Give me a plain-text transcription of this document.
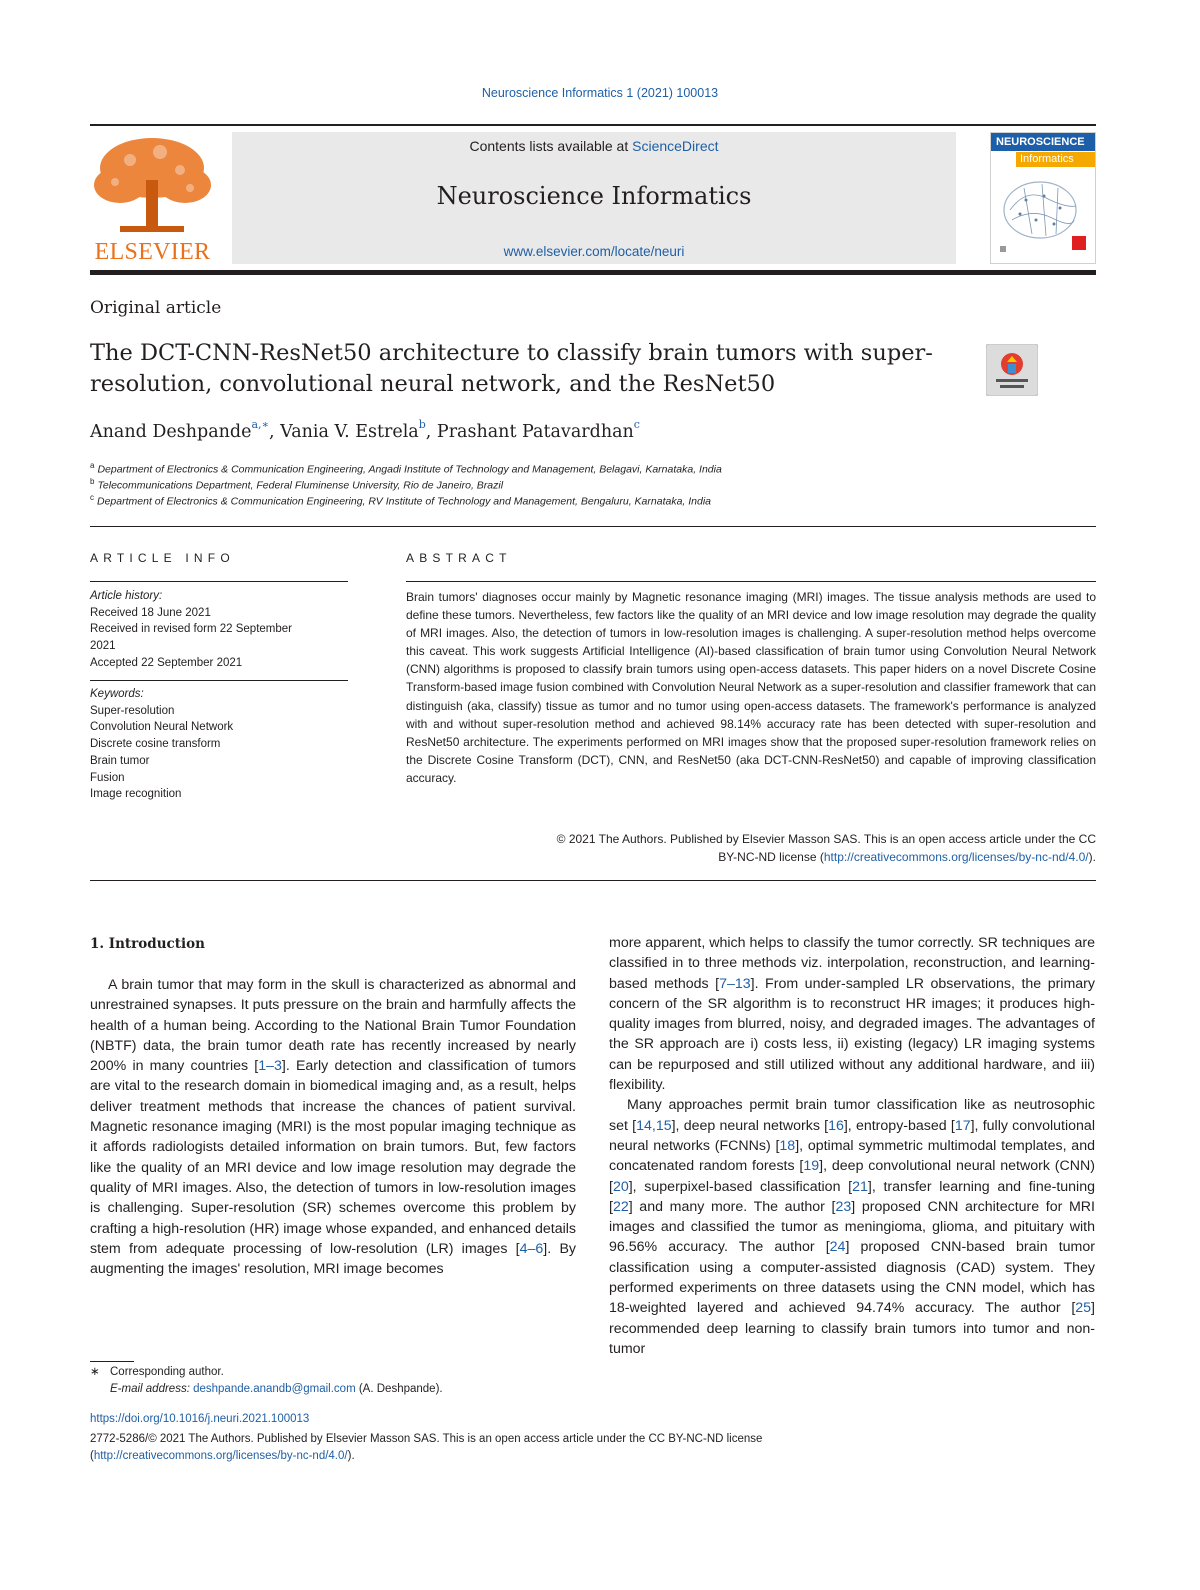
Neuroscience Informatics 1 (2021) 100013
ELSEVIER
Contents lists available at ScienceDirect
Neuroscience Informatics
www.elsevier.com/locate/neuri
NEUROSCIENCE
Informatics
Original article
The DCT-CNN-ResNet50 architecture to classify brain tumors with super-resolution, convolutional neural network, and the ResNet50
Anand Deshpande$^{a,∗}$, Vania V. Estrela$^b$, Prashant Patavardhan$^c$
$^a$ Department of Electronics & Communication Engineering, Angadi Institute of Technology and Management, Belagavi, Karnataka, India
$^b$ Telecommunications Department, Federal Fluminense University, Rio de Janeiro, Brazil
$^c$ Department of Electronics & Communication Engineering, RV Institute of Technology and Management, Bengaluru, Karnataka, India
ARTICLE INFO	ABSTRACT
Article history:
Received 18 June 2021
Received in revised form 22 September
2021
Accepted 22 September 2021
Keywords:
Super-resolution
Convolution Neural Network
Discrete cosine transform
Brain tumor
Fusion
Image recognition
Brain tumors' diagnoses occur mainly by Magnetic resonance imaging (MRI) images. The tissue analysis methods are used to define these tumors. Nevertheless, few factors like the quality of an MRI device and low image resolution may degrade the quality of MRI images. Also, the detection of tumors in low-resolution images is challenging. A super-resolution method helps overcome this caveat. This work suggests Artificial Intelligence (AI)-based classification of brain tumor using Convolution Neural Network (CNN) algorithms is proposed to classify brain tumors using open-access datasets. This paper hiders on a novel Discrete Cosine Transform-based image fusion combined with Convolution Neural Network as a super-resolution and classifier framework that can distinguish (aka, classify) tissue as tumor and no tumor using open-access datasets. The framework's performance is analyzed with and without super-resolution method and achieved 98.14% accuracy rate has been detected with super-resolution and ResNet50 architecture. The experiments performed on MRI images show that the proposed super-resolution framework relies on the Discrete Cosine Transform (DCT), CNN, and ResNet50 (aka DCT-CNN-ResNet50) and capable of improving classification accuracy.
© 2021 The Authors. Published by Elsevier Masson SAS. This is an open access article under the CC
BY-NC-ND license (http://creativecommons.org/licenses/by-nc-nd/4.0/).
1. Introduction

A brain tumor that may form in the skull is characterized as abnormal and unrestrained synapses. It puts pressure on the brain and harmfully affects the health of a human being. According to the National Brain Tumor Foundation (NBTF) data, the brain tumor death rate has recently increased by nearly 200% in many countries [1–3]. Early detection and classification of tumors are vital to the research domain in biomedical imaging and, as a result, helps deliver treatment methods that increase the chances of patient survival. Magnetic resonance imaging (MRI) is the most popular imaging technique as it affords radiologists detailed information on brain tumors. But, few factors like the quality of an MRI device and low image resolution may degrade the quality of MRI images. Also, the detection of tumors in low-resolution images is challenging. Super-resolution (SR) schemes overcome this problem by crafting a high-resolution (HR) image whose expanded, and enhanced details stem from adequate processing of low-resolution (LR) images [4–6]. By augmenting the images' resolution, MRI image becomes

more apparent, which helps to classify the tumor correctly. SR techniques are classified in to three methods viz. interpolation, reconstruction, and learning-based methods [7–13]. From under-sampled LR observations, the primary concern of the SR algorithm is to reconstruct HR images; it produces high-quality images from blurred, noisy, and degraded images. The advantages of the SR approach are i) costs less, ii) existing (legacy) LR imaging systems can be repurposed and still utilized without any additional hardware, and iii) flexibility.

Many approaches permit brain tumor classification like as neutrosophic set [14,15], deep neural networks [16], entropy-based [17], fully convolutional neural networks (FCNNs) [18], optimal symmetric multimodal templates, and concatenated random forests [19], deep convolutional neural network (CNN) [20], superpixel-based classification [21], transfer learning and fine-tuning [22] and many more. The author [23] proposed CNN architecture for MRI images and classified the tumor as meningioma, glioma, and pituitary with 96.56% accuracy. The author [24] proposed CNN-based brain tumor classification using a computer-assisted diagnosis (CAD) system. They performed experiments on three datasets using the CNN model, which has 18-weighted layered and achieved 94.74% accuracy. The author [25] recommended deep learning to classify brain tumors into tumor and non-tumor

∗ Corresponding author.
E-mail address: deshpande.anandb@gmail.com (A. Deshpande).
https://doi.org/10.1016/j.neuri.2021.100013
2772-5286/© 2021 The Authors. Published by Elsevier Masson SAS. This is an open access article under the CC BY-NC-ND license
(http://creativecommons.org/licenses/by-nc-nd/4.0/).
